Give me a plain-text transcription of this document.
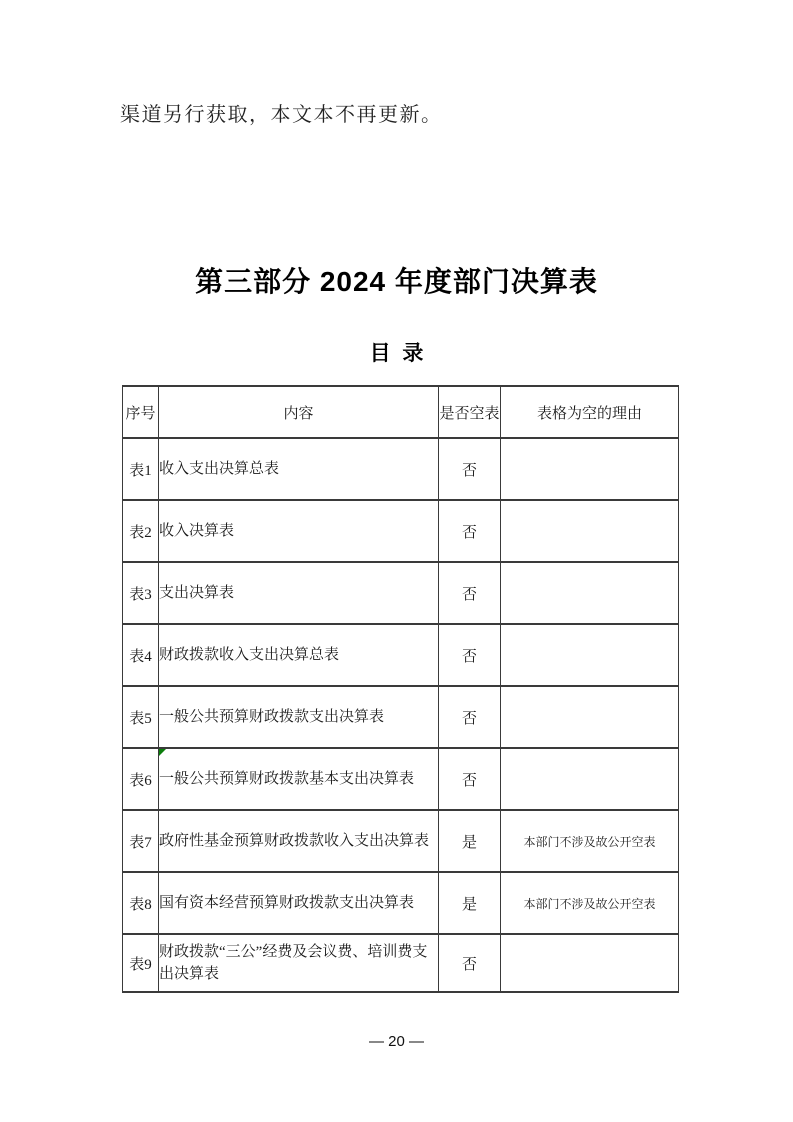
渠道另行获取，本文本不再更新。
第三部分 2024 年度部门决算表
目  录
序号	内容	是否空表	表格为空的理由
表1	收入支出决算总表	否	
表2	收入决算表	否	
表3	支出决算表	否	
表4	财政拨款收入支出决算总表	否	
表5	一般公共预算财政拨款支出决算表	否	
表6	一般公共预算财政拨款基本支出决算表	否	
表7	政府性基金预算财政拨款收入支出决算表	是	本部门不涉及故公开空表
表8	国有资本经营预算财政拨款支出决算表	是	本部门不涉及故公开空表
表9	财政拨款“三公”经费及会议费、培训费支出决算表	否	
— 20 —
